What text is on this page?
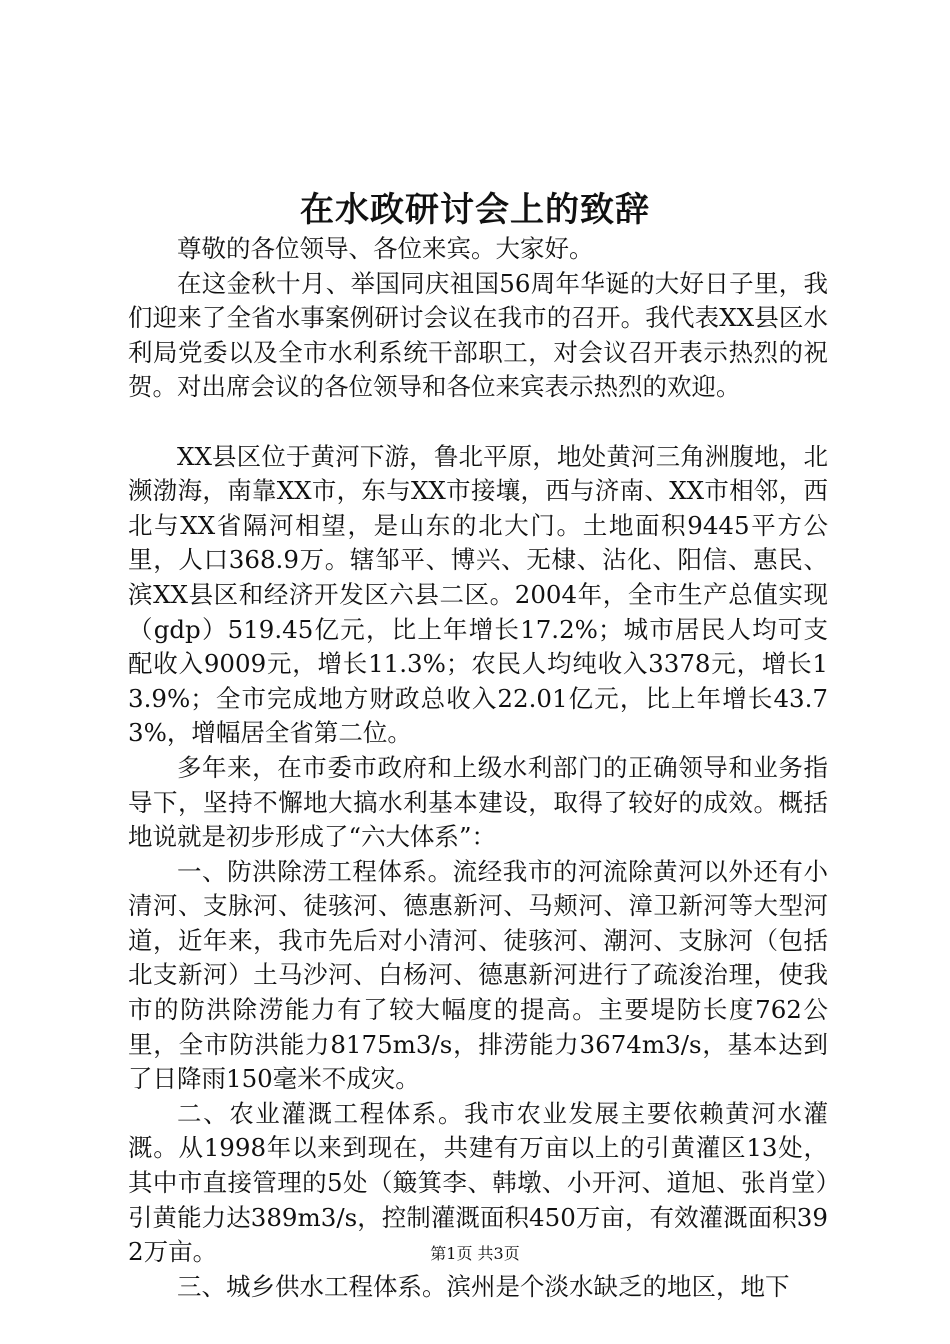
在水政研讨会上的致辞

尊敬的各位领导、各位来宾。大家好。

在这金秋十月、举国同庆祖国56周年华诞的大好日子里，我们迎来了全省水事案例研讨会议在我市的召开。我代表XX县区水利局党委以及全市水利系统干部职工，对会议召开表示热烈的祝贺。对出席会议的各位领导和各位来宾表示热烈的欢迎。

XX县区位于黄河下游，鲁北平原，地处黄河三角洲腹地，北濒渤海，南靠XX市，东与XX市接壤，西与济南、XX市相邻，西北与XX省隔河相望，是山东的北大门。土地面积9445平方公里，人口368.9万。辖邹平、博兴、无棣、沾化、阳信、惠民、滨XX县区和经济开发区六县二区。2004年，全市生产总值实现（gdp）519.45亿元，比上年增长17.2%；城市居民人均可支配收入9009元，增长11.3%；农民人均纯收入3378元，增长13.9%；全市完成地方财政总收入22.01亿元，比上年增长43.73%，增幅居全省第二位。

多年来，在市委市政府和上级水利部门的正确领导和业务指导下，坚持不懈地大搞水利基本建设，取得了较好的成效。概括地说就是初步形成了“六大体系”：

一、防洪除涝工程体系。流经我市的河流除黄河以外还有小清河、支脉河、徒骇河、德惠新河、马颊河、漳卫新河等大型河道，近年来，我市先后对小清河、徒骇河、潮河、支脉河（包括北支新河）土马沙河、白杨河、德惠新河进行了疏浚治理，使我市的防洪除涝能力有了较大幅度的提高。主要堤防长度762公里，全市防洪能力8175m3/s，排涝能力3674m3/s，基本达到了日降雨150毫米不成灾。

二、农业灌溉工程体系。我市农业发展主要依赖黄河水灌溉。从1998年以来到现在，共建有万亩以上的引黄灌区13处，其中市直接管理的5处（簸箕李、韩墩、小开河、道旭、张肖堂）引黄能力达389m3/s，控制灌溉面积450万亩，有效灌溉面积392万亩。

三、城乡供水工程体系。滨州是个淡水缺乏的地区，地下

第1页 共3页
